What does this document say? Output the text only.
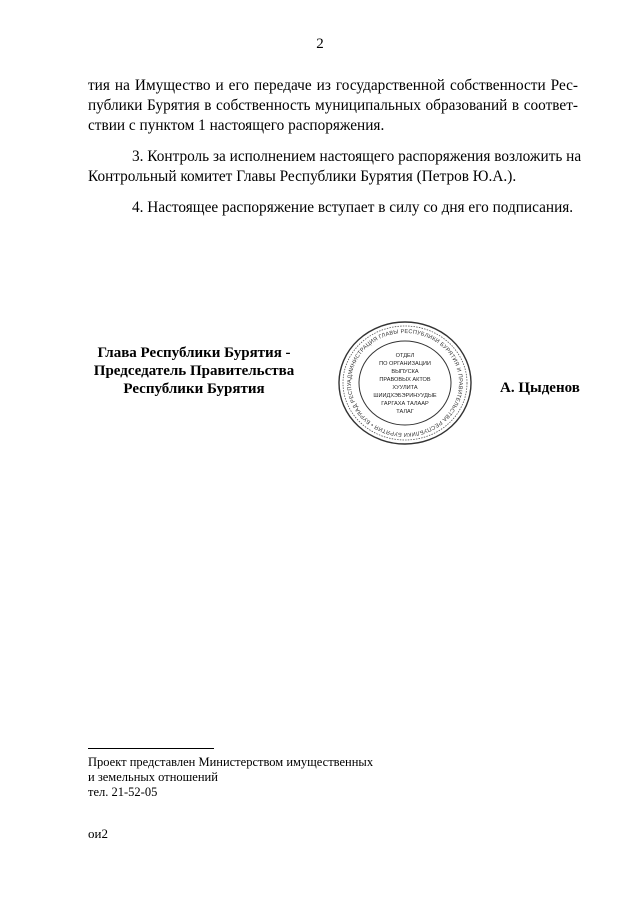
2
тия на Имущество и его передаче из государственной собственности Рес-
публики Бурятия в собственность муниципальных образований в соответ-
ствии с пунктом 1 настоящего распоряжения.
3. Контроль за исполнением настоящего распоряжения возложить на
Контрольный комитет Главы Республики Бурятия (Петров Ю.А.).
4. Настоящее распоряжение вступает в силу со дня его подписания.
Глава Республики Бурятия -
Председатель Правительства
Республики Бурятия
АДМИНИСТРАЦИЯ ГЛАВЫ РЕСПУБЛИКИ БУРЯТИЯ И ПРАВИТЕЛЬСТВА РЕСПУБЛИКИ БУРЯТИЯ • БУРЯАД РЕСПУ
ОТДЕЛ
ПО ОРГАНИЗАЦИИ
ВЫПУСКА
ПРАВОВЫХ АКТОВ
ХУУЛИТА
ШИИДХЭБЭРИНУУДЫЕ
ГАРГАХА ТАЛААР
ТАЛАГ
А. Цыденов
Проект представлен Министерством имущественных
и земельных отношений
тел. 21-52-05
ои2
